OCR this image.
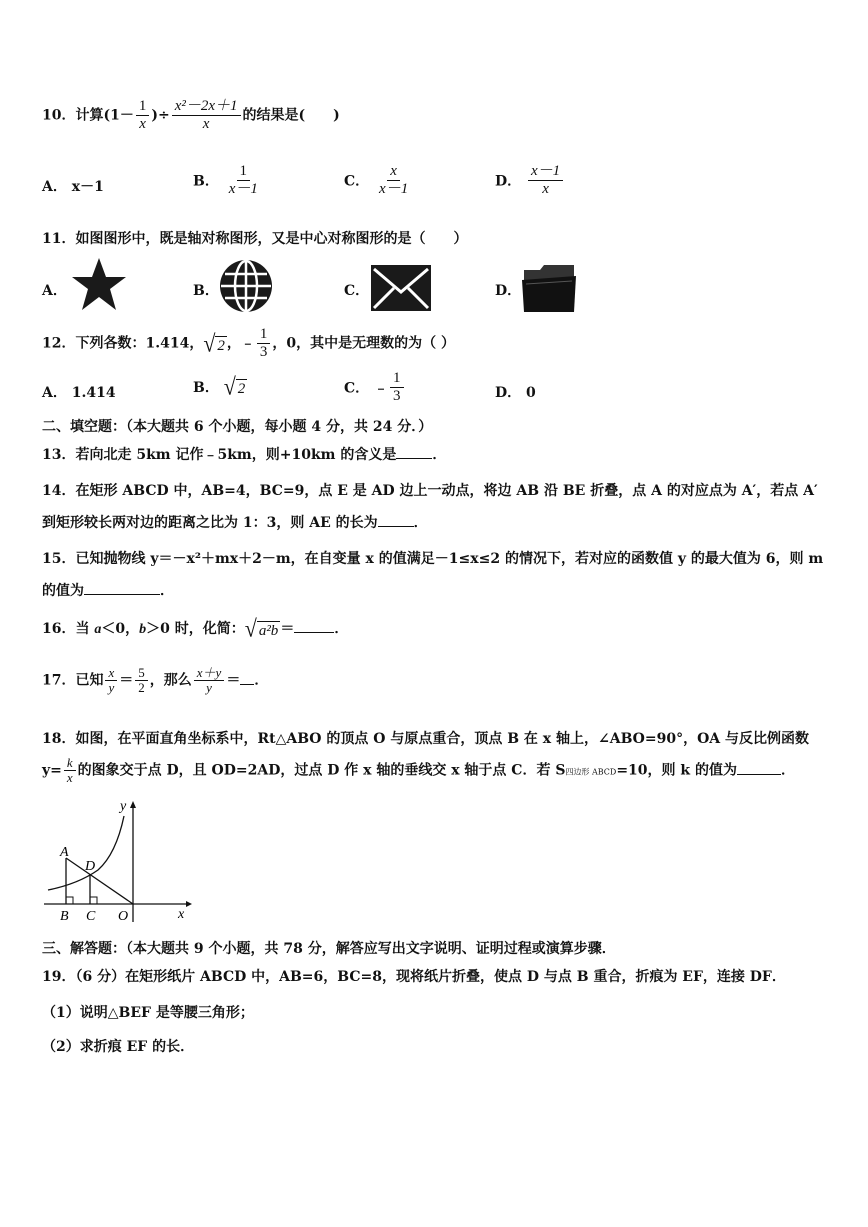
10．计算($1- \frac{1}{x}$ )÷ $\frac{\text{x²－2x＋1}}{x}$ 的结果是(　　)
A． x－1	B． $\frac{1}{x-1}$	C． $\frac{x}{x-1}$	D． $\frac{x-1}{x}$
11．如图图形中，既是轴对称图形，又是中心对称图形的是（　　）
A．	B．	C．	D．
12．下列各数：1.414， √ 2 ，﹣ $\frac{1}{3}$ ，0，其中是无理数的为（ ）
A． 1.414	B． √ 2	C． ﹣ $\frac{1}{3}$	D． 0
二、填空题：（本大题共 6 个小题，每小题 4 分，共 24 分．）
13．若向北走 5km 记作﹣5km，则+10km 的含义是	．
14．在矩形 ABCD 中，AB=4，BC=9，点 E 是 AD 边上一动点，将边 AB 沿 BE 折叠，点 A 的对应点为 A′，若点 A′
到矩形较长两对边的距离之比为 1：3，则 AE 的长为	．
15．已知抛物线 y＝－x²＋mx＋2－m，在自变量 x 的值满足－1≤x≤2 的情况下，若对应的函数值 y 的最大值为 6，则 m
的值为	．
16．当 a＜0，b＞0 时，化简： √ a²b ＝	．
17．已知 $\frac{x}{y} = \frac{5}{2}$ ，那么 $\frac{x+y}{y}$ ＝ ．
18．如图，在平面直角坐标系中，Rt△ABO 的顶点 O 与原点重合，顶点 B 在 x 轴上，∠ABO=90°，OA 与反比例函数
$y= \frac{k}{x}$ 的图象交于点 D，且 OD=2AD，过点 D 作 x 轴的垂线交 x 轴于点 C．若 S四边形 ABCD=10，则 k 的值为	．
A
D
B C O	x
y
三、解答题：（本大题共 9 个小题，共 78 分，解答应写出文字说明、证明过程或演算步骤．
19．（6 分）在矩形纸片 ABCD 中，AB=6，BC=8，现将纸片折叠，使点 D 与点 B 重合，折痕为 EF，连接 DF．
（1）说明△BEF 是等腰三角形；
（2）求折痕 EF 的长．
